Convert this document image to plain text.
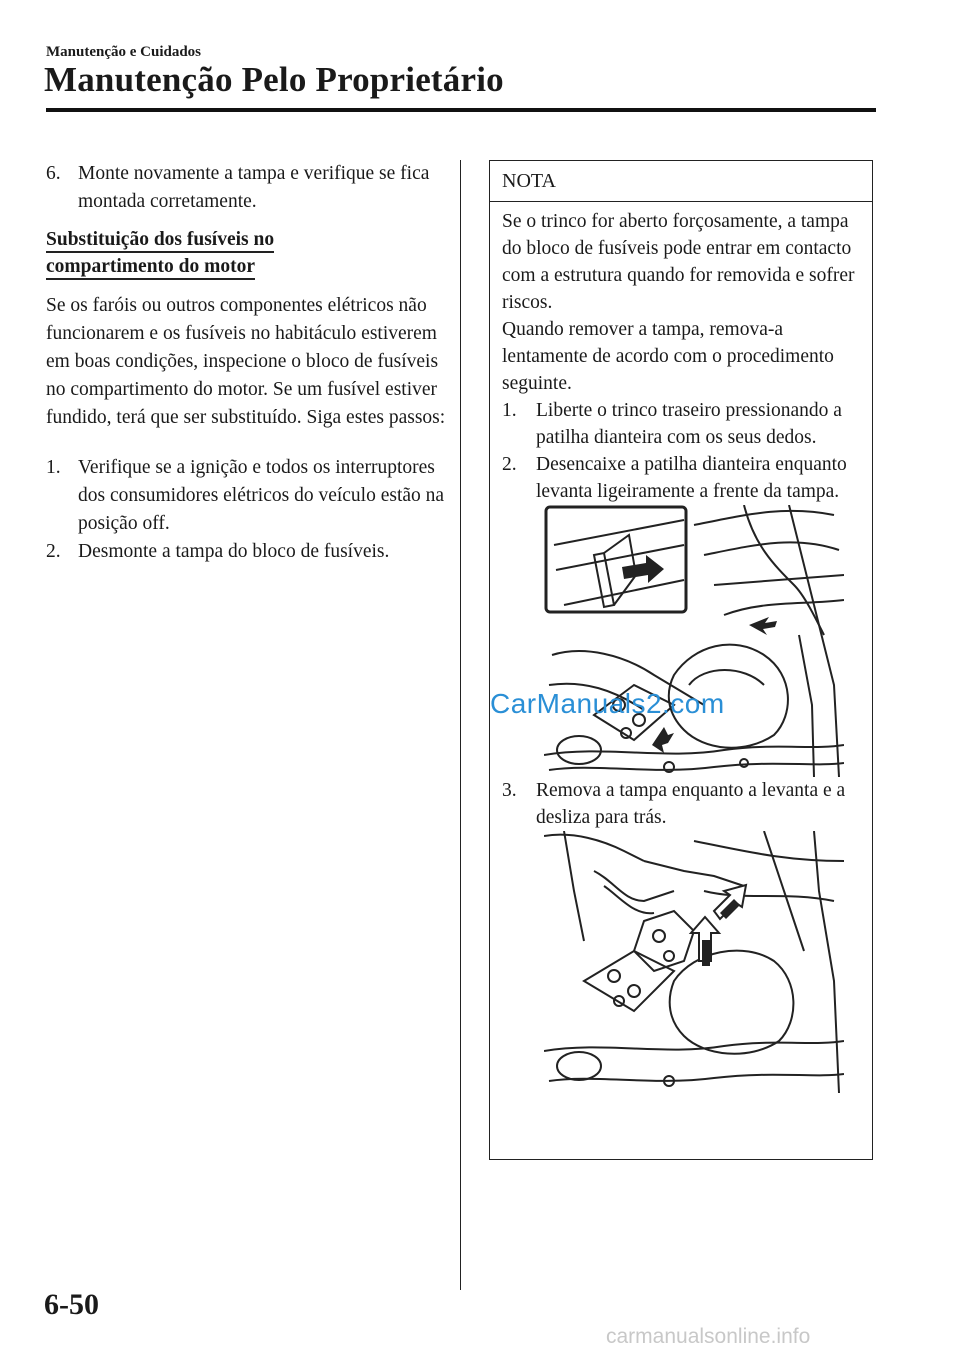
Manutenção e Cuidados
Manutenção Pelo Proprietário
6. Monte novamente a tampa e verifique se fica montada corretamente.
Substituição dos fusíveis no
compartimento do motor
Se os faróis ou outros componentes elétricos não funcionarem e os fusíveis no habitáculo estiverem em boas condições, inspecione o bloco de fusíveis no compartimento do motor. Se um fusível estiver fundido, terá que ser substituído. Siga estes passos:
1. Verifique se a ignição e todos os interruptores dos consumidores elétricos do veículo estão na posição off.
2. Desmonte a tampa do bloco de fusíveis.
NOTA
Se o trinco for aberto forçosamente, a tampa do bloco de fusíveis pode entrar em contacto com a estrutura quando for removida e sofrer riscos.
Quando remover a tampa, remova-a lentamente de acordo com o procedimento seguinte.
1. Liberte o trinco traseiro pressionando a patilha dianteira com os seus dedos.
2. Desencaixe a patilha dianteira enquanto levanta ligeiramente a frente da tampa.
3. Remova a tampa enquanto a levanta e a desliza para trás.
CarManuals2.com
6-50
carmanualsonline.info
